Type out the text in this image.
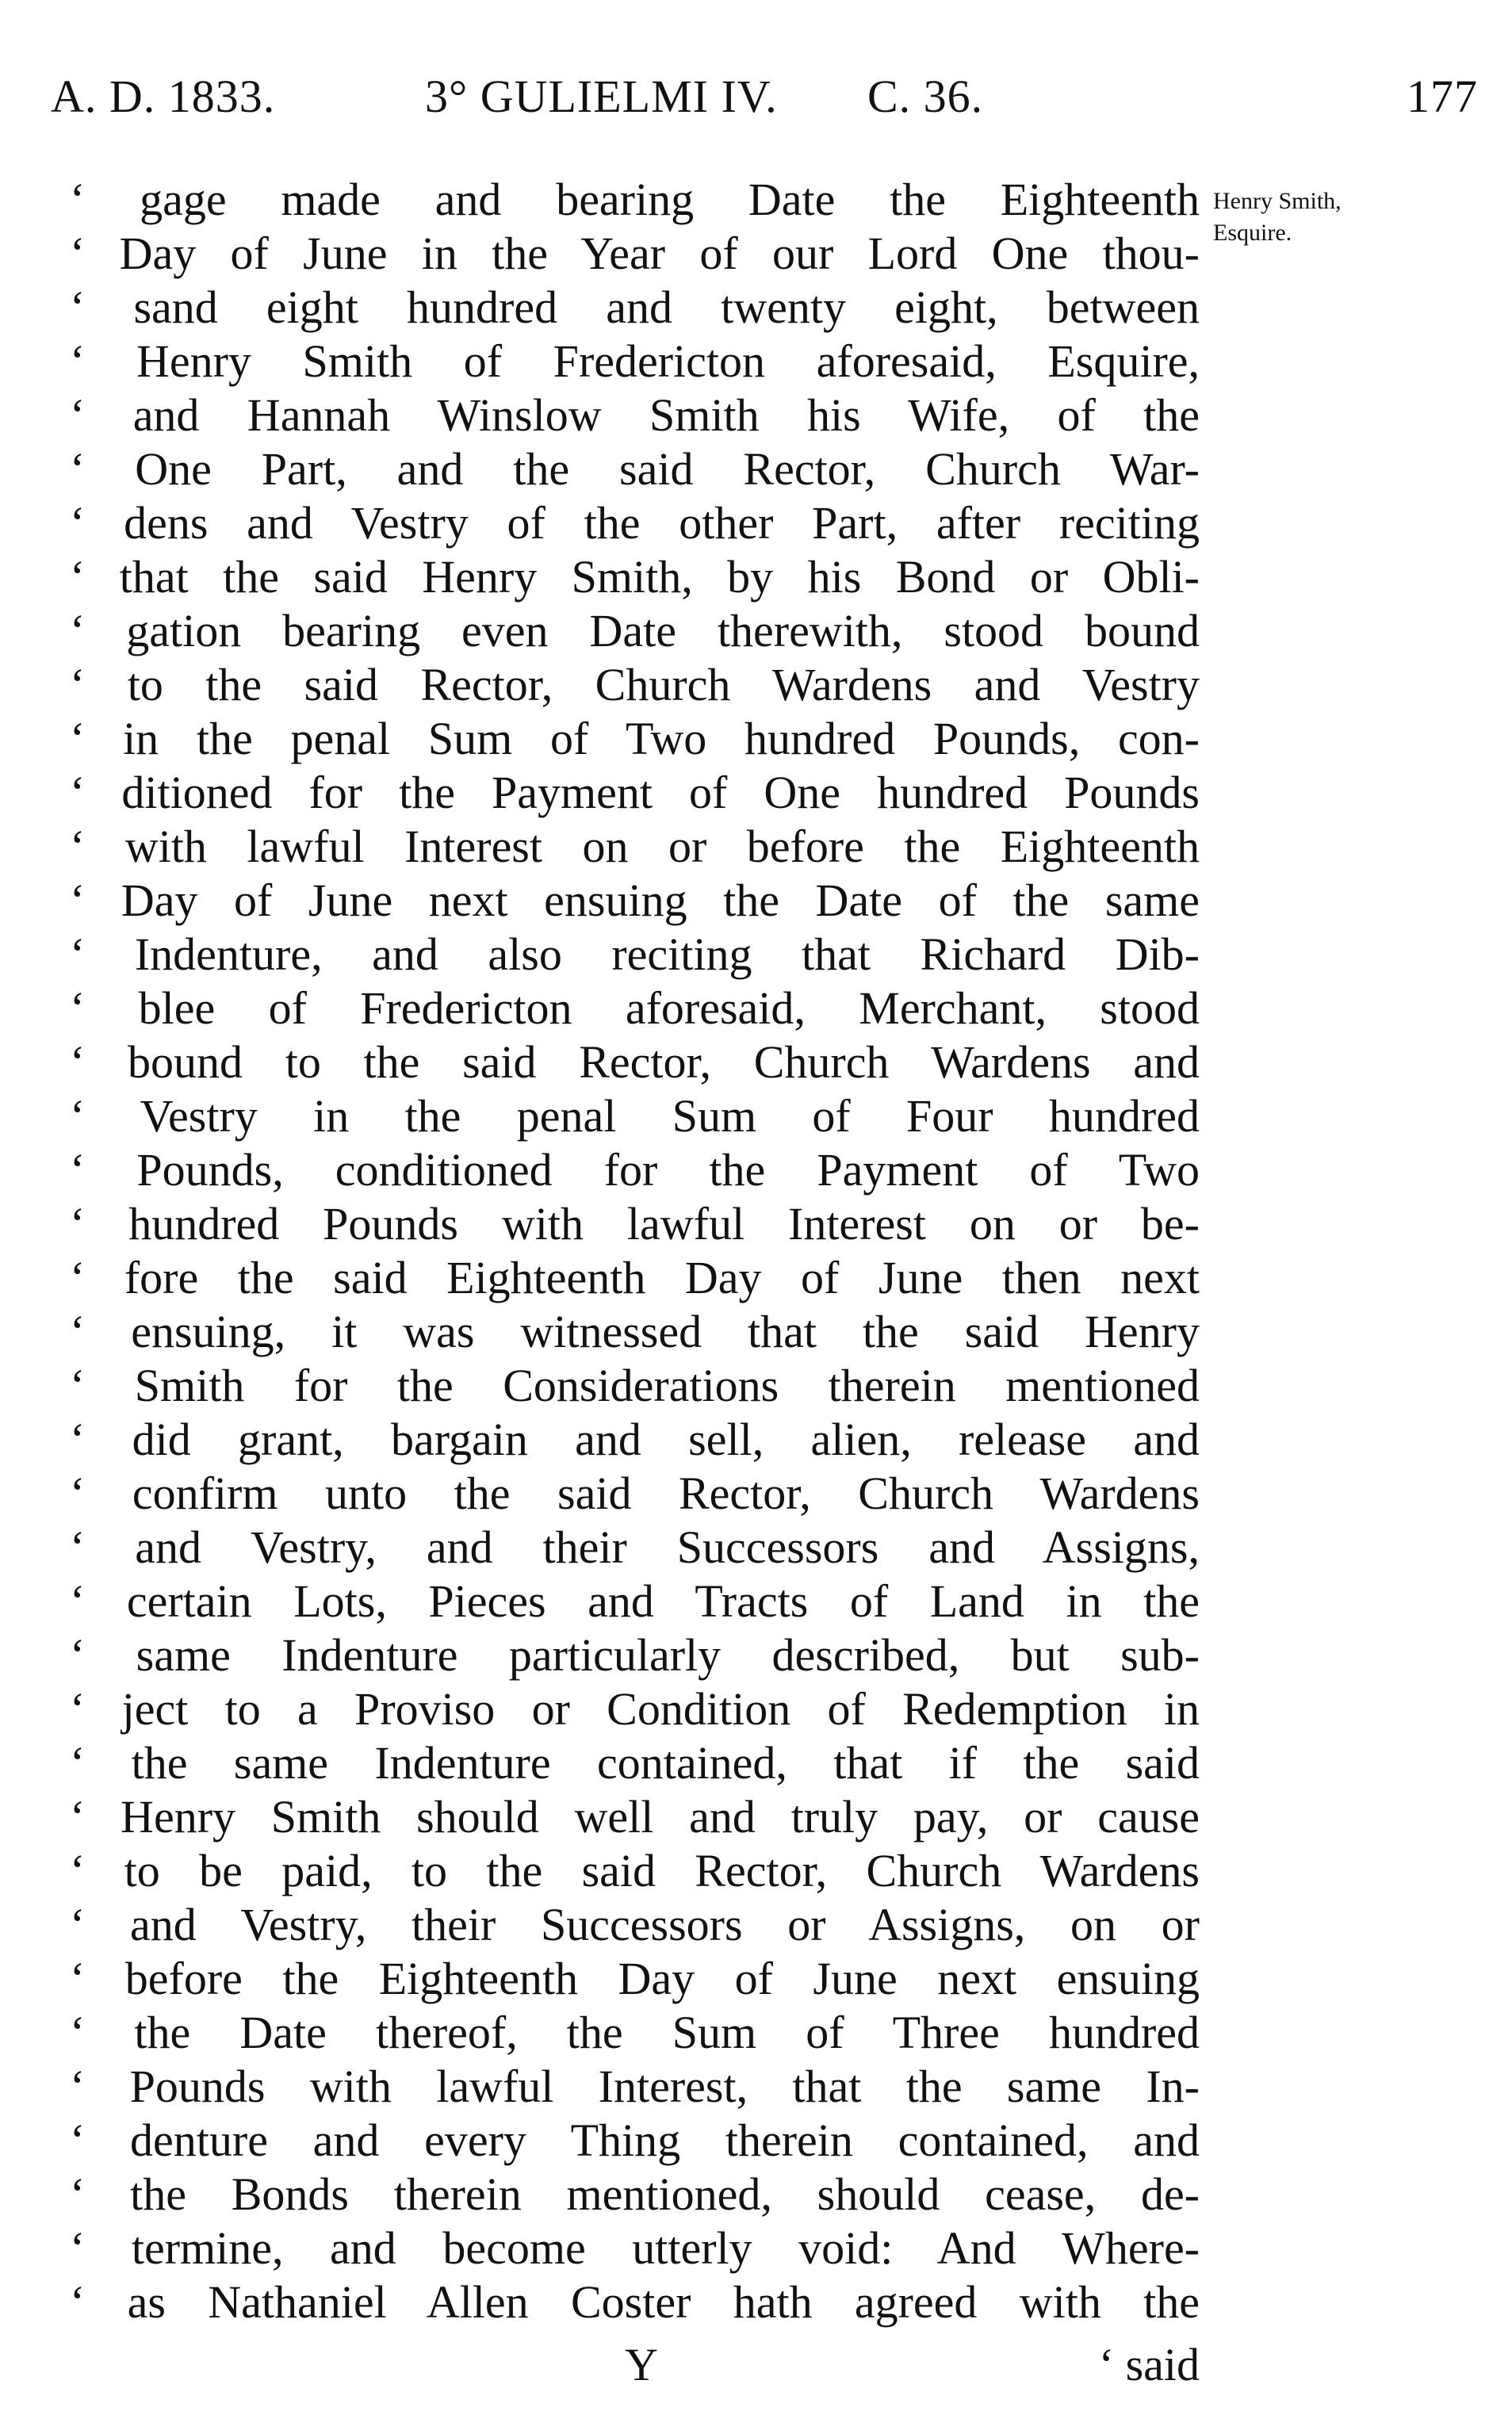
A. D. 1833.	3° GULIELMI IV. C. 36.	177
Henry Smith,
Esquire.
‘ gage made and bearing Date the Eighteenth
‘ Day of June in the Year of our Lord One thou-
‘ sand eight hundred and twenty eight, between
‘ Henry Smith of Fredericton aforesaid, Esquire,
‘ and Hannah Winslow Smith his Wife, of the
‘ One Part, and the said Rector, Church War-
‘ dens and Vestry of the other Part, after reciting
‘ that the said Henry Smith, by his Bond or Obli-
‘ gation bearing even Date therewith, stood bound
‘ to the said Rector, Church Wardens and Vestry
‘ in the penal Sum of Two hundred Pounds, con-
‘ ditioned for the Payment of One hundred Pounds
‘ with lawful Interest on or before the Eighteenth
‘ Day of June next ensuing the Date of the same
‘ Indenture, and also reciting that Richard Dib-
‘ blee of Fredericton aforesaid, Merchant, stood
‘ bound to the said Rector, Church Wardens and
‘ Vestry in the penal Sum of Four hundred
‘ Pounds, conditioned for the Payment of Two
‘ hundred Pounds with lawful Interest on or be-
‘ fore the said Eighteenth Day of June then next
‘ ensuing, it was witnessed that the said Henry
‘ Smith for the Considerations therein mentioned
‘ did grant, bargain and sell, alien, release and
‘ confirm unto the said Rector, Church Wardens
‘ and Vestry, and their Successors and Assigns,
‘ certain Lots, Pieces and Tracts of Land in the
‘ same Indenture particularly described, but sub-
‘ ject to a Proviso or Condition of Redemption in
‘ the same Indenture contained, that if the said
‘ Henry Smith should well and truly pay, or cause
‘ to be paid, to the said Rector, Church Wardens
‘ and Vestry, their Successors or Assigns, on or
‘ before the Eighteenth Day of June next ensuing
‘ the Date thereof, the Sum of Three hundred
‘ Pounds with lawful Interest, that the same In-
‘ denture and every Thing therein contained, and
‘ the Bonds therein mentioned, should cease, de-
‘ termine, and become utterly void: And Where-
‘ as Nathaniel Allen Coster hath agreed with the
Y	‘ said
